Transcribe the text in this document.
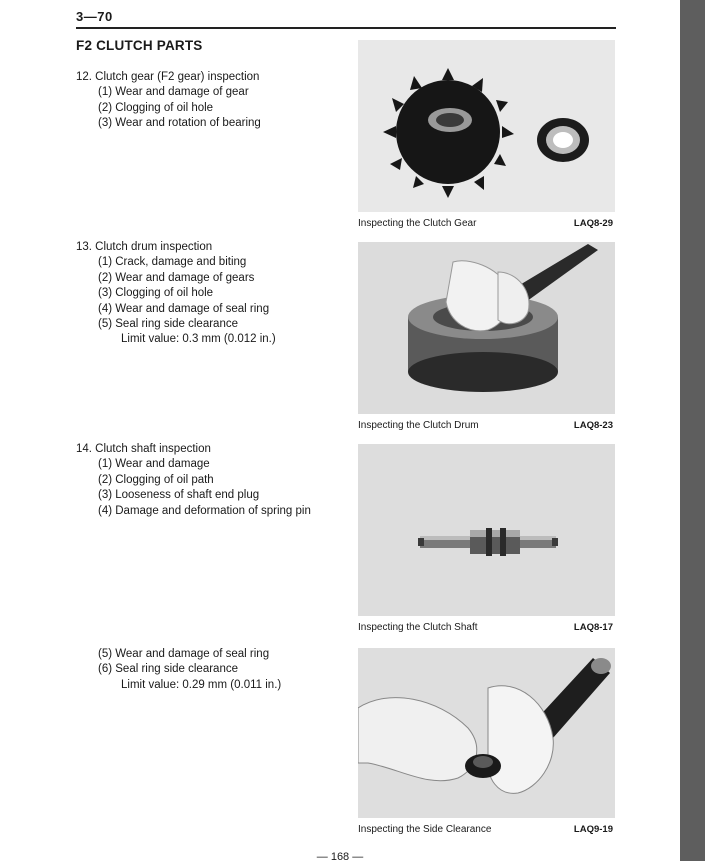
3—70
F2 CLUTCH PARTS

12. Clutch gear (F2 gear) inspection

(1) Wear and damage of gear

(2) Clogging of oil hole

(3) Wear and rotation of bearing

13. Clutch drum inspection

(1) Crack, damage and biting

(2) Wear and damage of gears

(3) Clogging of oil hole

(4) Wear and damage of seal ring

(5) Seal ring side clearance

Limit value: 0.3 mm (0.012 in.)

14. Clutch shaft inspection

(1) Wear and damage

(2) Clogging of oil path

(3) Looseness of shaft end plug

(4) Damage and deformation of spring pin

(5) Wear and damage of seal ring

(6) Seal ring side clearance

Limit value: 0.29 mm (0.011 in.)

Inspecting the Clutch Gear	LAQ8-29
Inspecting the Clutch Drum	LAQ8-23
Inspecting the Clutch Shaft	LAQ8-17
Inspecting the Side Clearance	LAQ9-19
— 168 —
